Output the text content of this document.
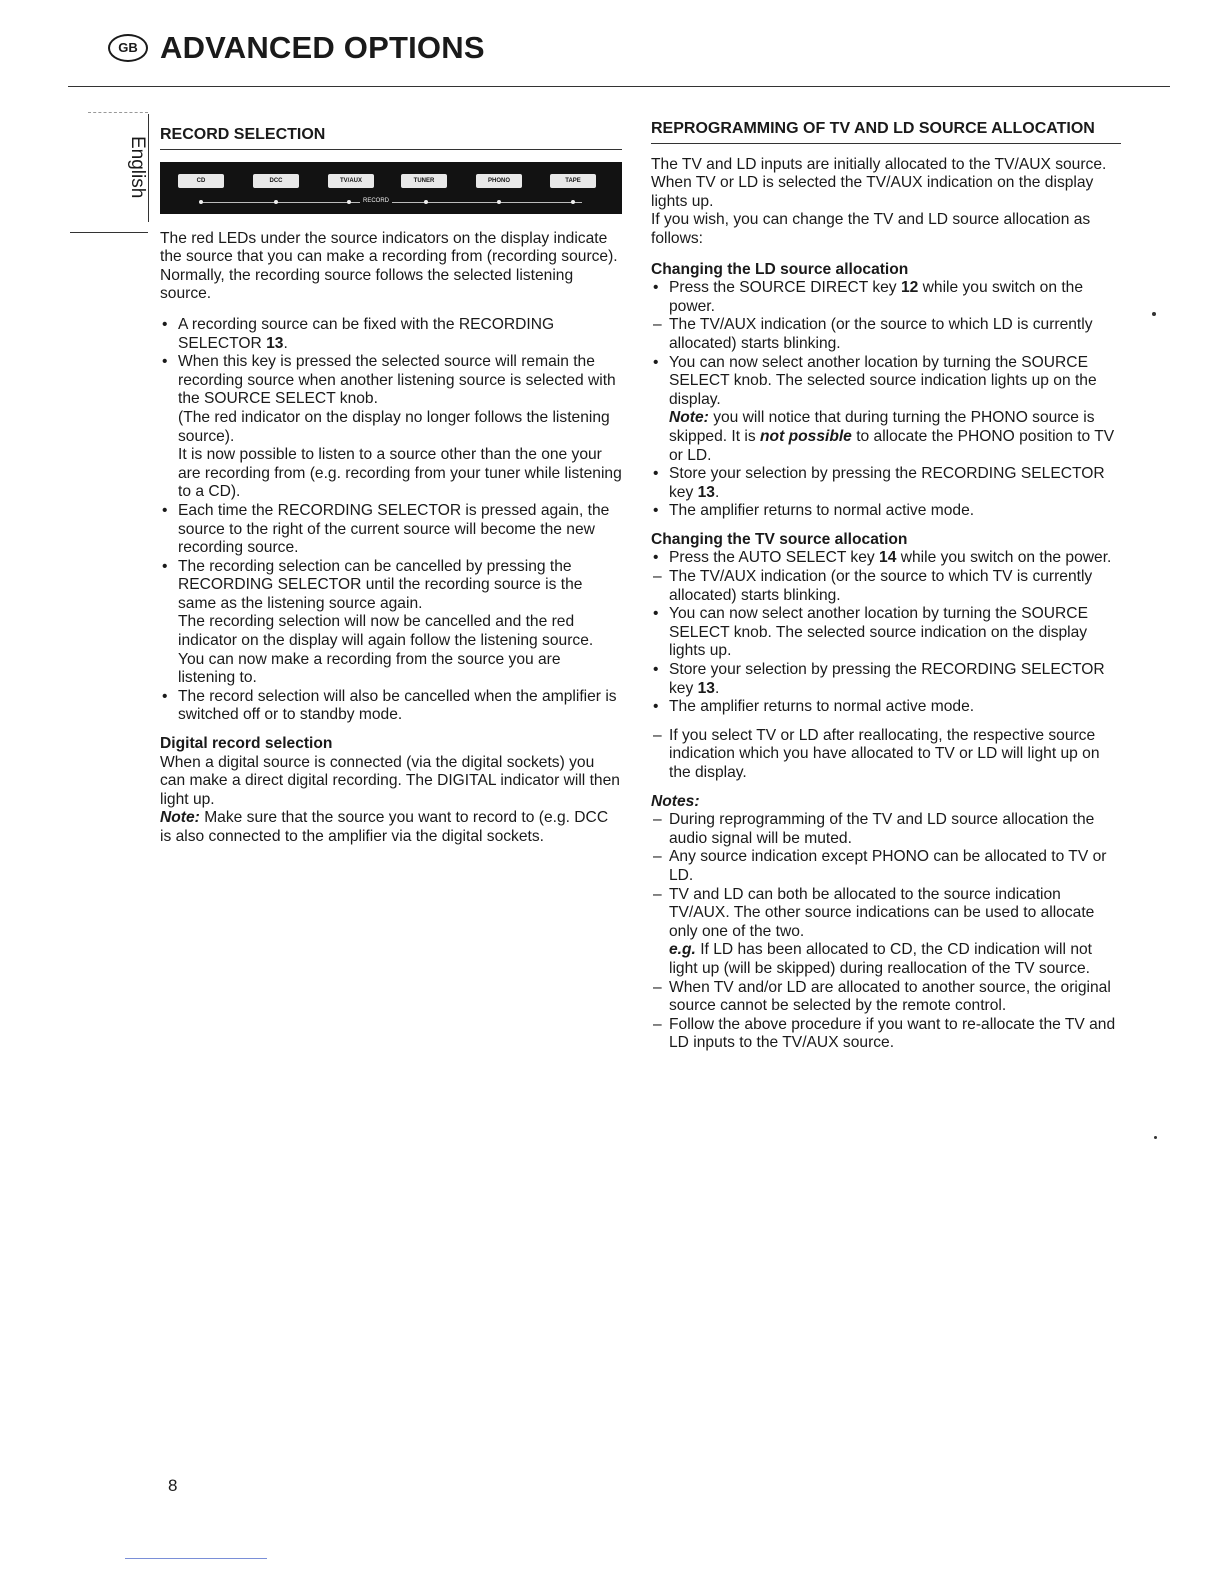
GB ADVANCED OPTIONS
English
RECORD SELECTION
CD	DCC	TV/AUX	TUNER	PHONO	TAPE
RECORD

The red LEDs under the source indicators on the display indicate the source that you can make a recording from (recording source). Normally, the recording source follows the selected listening source.

• A recording source can be fixed with the RECORDING SELECTOR 13.
• When this key is pressed the selected source will remain the recording source when another listening source is selected with the SOURCE SELECT knob.

(The red indicator on the display no longer follows the listening source).

It is now possible to listen to a source other than the one your are recording from (e.g. recording from your tuner while listening to a CD).

• Each time the RECORDING SELECTOR is pressed again, the source to the right of the current source will become the new recording source.

• The recording selection can be cancelled by pressing the RECORDING SELECTOR until the recording source is the same as the listening source again.

The recording selection will now be cancelled and the red indicator on the display will again follow the listening source. You can now make a recording from the source you are listening to.

• The record selection will also be cancelled when the amplifier is switched off or to standby mode.

Digital record selection

When a digital source is connected (via the digital sockets) you can make a direct digital recording. The DIGITAL indicator will then light up.

Note: Make sure that the source you want to record to (e.g. DCC is also connected to the amplifier via the digital sockets.

REPROGRAMMING OF TV AND LD SOURCE ALLOCATION

The TV and LD inputs are initially allocated to the TV/AUX source. When TV or LD is selected the TV/AUX indication on the display lights up.

If you wish, you can change the TV and LD source allocation as follows:

Changing the LD source allocation

• Press the SOURCE DIRECT key 12 while you switch on the power.
– The TV/AUX indication (or the source to which LD is currently allocated) starts blinking.
• You can now select another location by turning the SOURCE SELECT knob. The selected source indication lights up on the display.

Note: you will notice that during turning the PHONO source is skipped. It is not possible to allocate the PHONO position to TV or LD.

• Store your selection by pressing the RECORDING SELECTOR key 13.
• The amplifier returns to normal active mode.

Changing the TV source allocation

• Press the AUTO SELECT key 14 while you switch on the power.
– The TV/AUX indication (or the source to which TV is currently allocated) starts blinking.
• You can now select another location by turning the SOURCE SELECT knob. The selected source indication on the display lights up.
• Store your selection by pressing the RECORDING SELECTOR key 13.
• The amplifier returns to normal active mode.
– If you select TV or LD after reallocating, the respective source indication which you have allocated to TV or LD will light up on the display.

Notes:

– During reprogramming of the TV and LD source allocation the audio signal will be muted.
– Any source indication except PHONO can be allocated to TV or LD.
– TV and LD can both be allocated to the source indication TV/AUX. The other source indications can be used to allocate only one of the two.

e.g. If LD has been allocated to CD, the CD indication will not light up (will be skipped) during reallocation of the TV source.

– When TV and/or LD are allocated to another source, the original source cannot be selected by the remote control.
– Follow the above procedure if you want to re-allocate the TV and LD inputs to the TV/AUX source.
8
